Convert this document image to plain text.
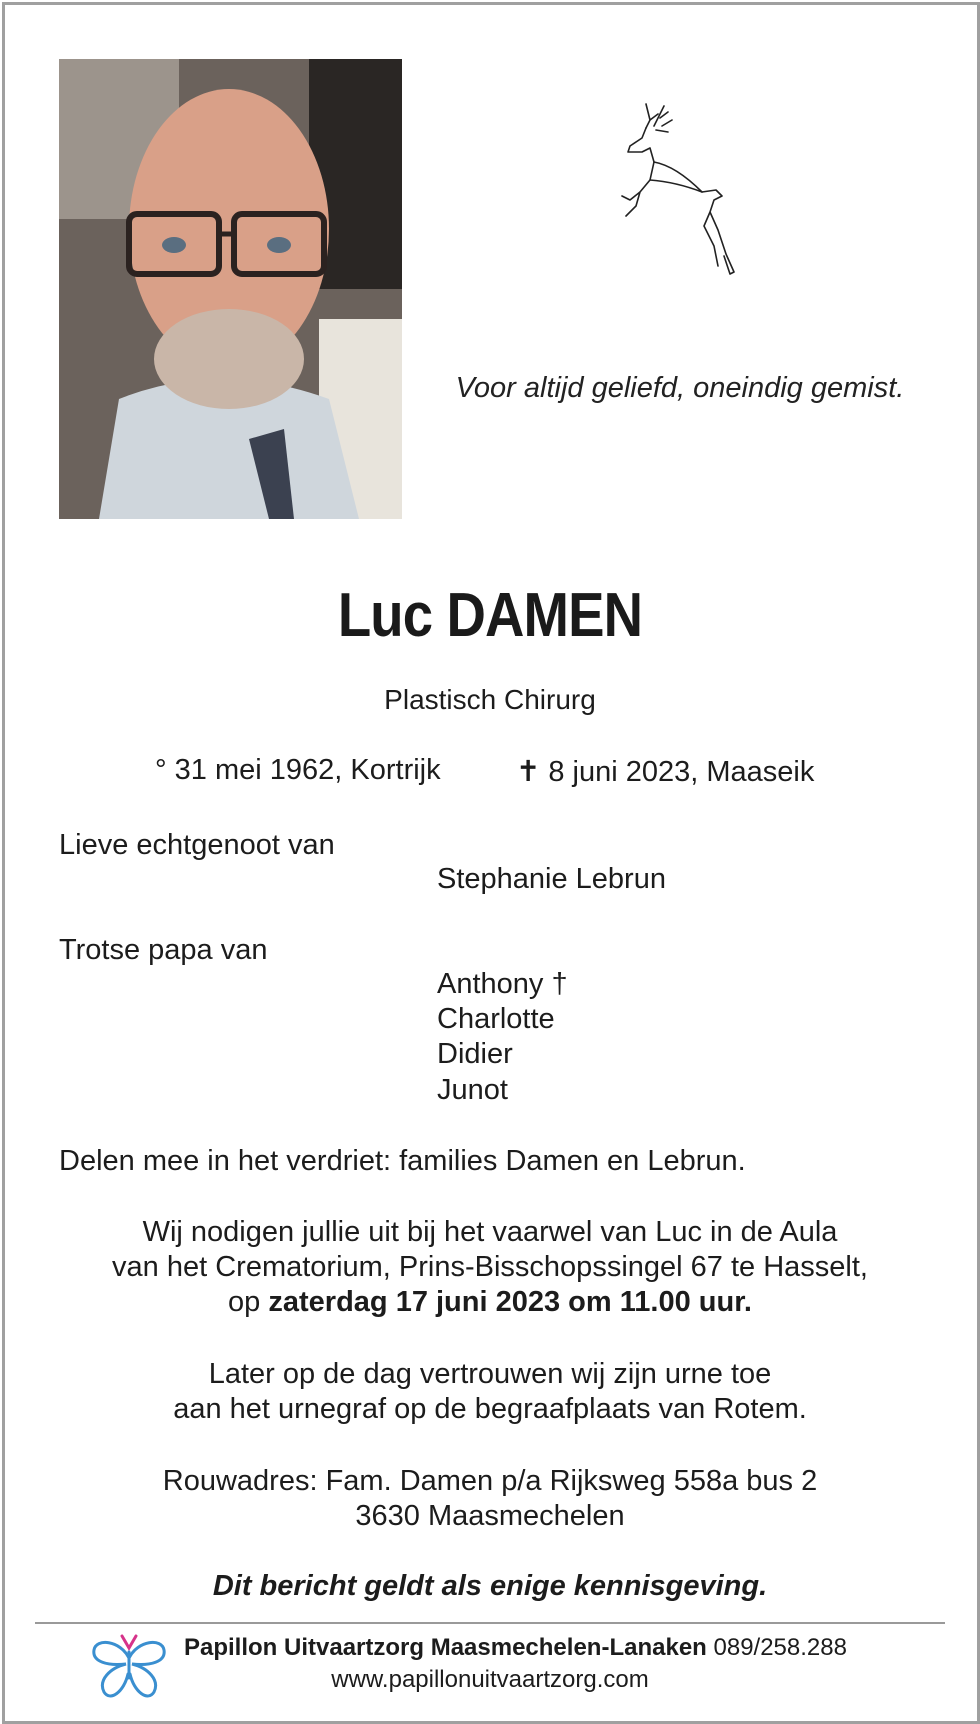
Voor altijd geliefd, oneindig gemist.
Luc DAMEN
Plastisch Chirurg
° 31 mei 1962, Kortrijk	✝ 8 juni 2023, Maaseik
Lieve echtgenoot van
Stephanie Lebrun
Trotse papa van
Anthony †
Charlotte
Didier
Junot
Delen mee in het verdriet: families Damen en Lebrun.
Wij nodigen jullie uit bij het vaarwel van Luc in de Aula
van het Crematorium, Prins-Bisschopssingel 67 te Hasselt,
op zaterdag 17 juni 2023 om 11.00 uur.
Later op de dag vertrouwen wij zijn urne toe
aan het urnegraf op de begraafplaats van Rotem.
Rouwadres: Fam. Damen p/a Rijksweg 558a bus 2
3630 Maasmechelen
Dit bericht geldt als enige kennisgeving.
Papillon Uitvaartzorg Maasmechelen-Lanaken 089/258.288
www.papillonuitvaartzorg.com
